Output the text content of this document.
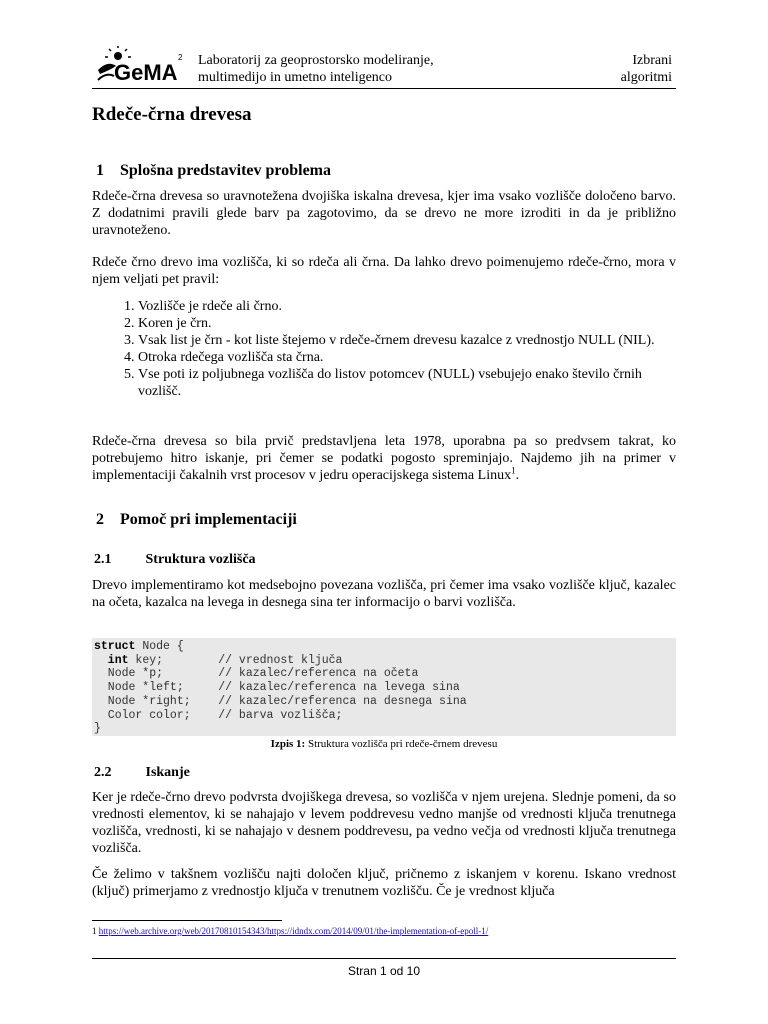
GeMA
2 Laboratorij za geoprostorsko modeliranje,
multimedijo in umetno inteligenco
Izbrani
algoritmi
Rdeče-črna drevesa
1 Splošna predstavitev problema

Rdeče-črna drevesa so uravnotežena dvojiška iskalna drevesa, kjer ima vsako vozlišče določeno barvo. Z dodatnimi pravili glede barv pa zagotovimo, da se drevo ne more izroditi in da je približno uravnoteženo.

Rdeče črno drevo ima vozlišča, ki so rdeča ali črna. Da lahko drevo poimenujemo rdeče-črno, mora v njem veljati pet pravil:

1. Vozlišče je rdeče ali črno.
2. Koren je črn.
3. Vsak list je črn - kot liste štejemo v rdeče-črnem drevesu kazalce z vrednostjo NULL (NIL).
4. Otroka rdečega vozlišča sta črna.
5. Vse poti iz poljubnega vozlišča do listov potomcev (NULL) vsebujejo enako število črnih vozlišč.

Rdeče-črna drevesa so bila prvič predstavljena leta 1978, uporabna pa so predvsem takrat, ko potrebujemo hitro iskanje, pri čemer se podatki pogosto spreminjajo. Najdemo jih na primer v implementaciji čakalnih vrst procesov v jedru operacijskega sistema Linux$^1$.

2 Pomoč pri implementaciji
2.1 Struktura vozlišča

Drevo implementiramo kot medsebojno povezana vozlišča, pri čemer ima vsako vozlišče ključ, kazalec na očeta, kazalca na levega in desnega sina ter informacijo o barvi vozlišča.

struct Node {
int key;        // vrednost ključa
Node *p;        // kazalec/referenca na očeta
Node *left;     // kazalec/referenca na levega sina
Node *right;    // kazalec/referenca na desnega sina
Color color;    // barva vozlišča;
}
Izpis 1: Struktura vozlišča pri rdeče-črnem drevesu
2.2 Iskanje

Ker je rdeče-črno drevo podvrsta dvojiškega drevesa, so vozlišča v njem urejena. Slednje pomeni, da so vrednosti elementov, ki se nahajajo v levem poddrevesu vedno manjše od vrednosti ključa trenutnega vozlišča, vrednosti, ki se nahajajo v desnem poddrevesu, pa vedno večja od vrednosti ključa trenutnega vozlišča.

Če želimo v takšnem vozlišču najti določen ključ, pričnemo z iskanjem v korenu. Iskano vrednost (ključ) primerjamo z vrednostjo ključa v trenutnem vozlišču. Če je vrednost ključa

1 https://web.archive.org/web/20170810154343/https://idndx.com/2014/09/01/the-implementation-of-epoll-1/
Stran 1 od 10
